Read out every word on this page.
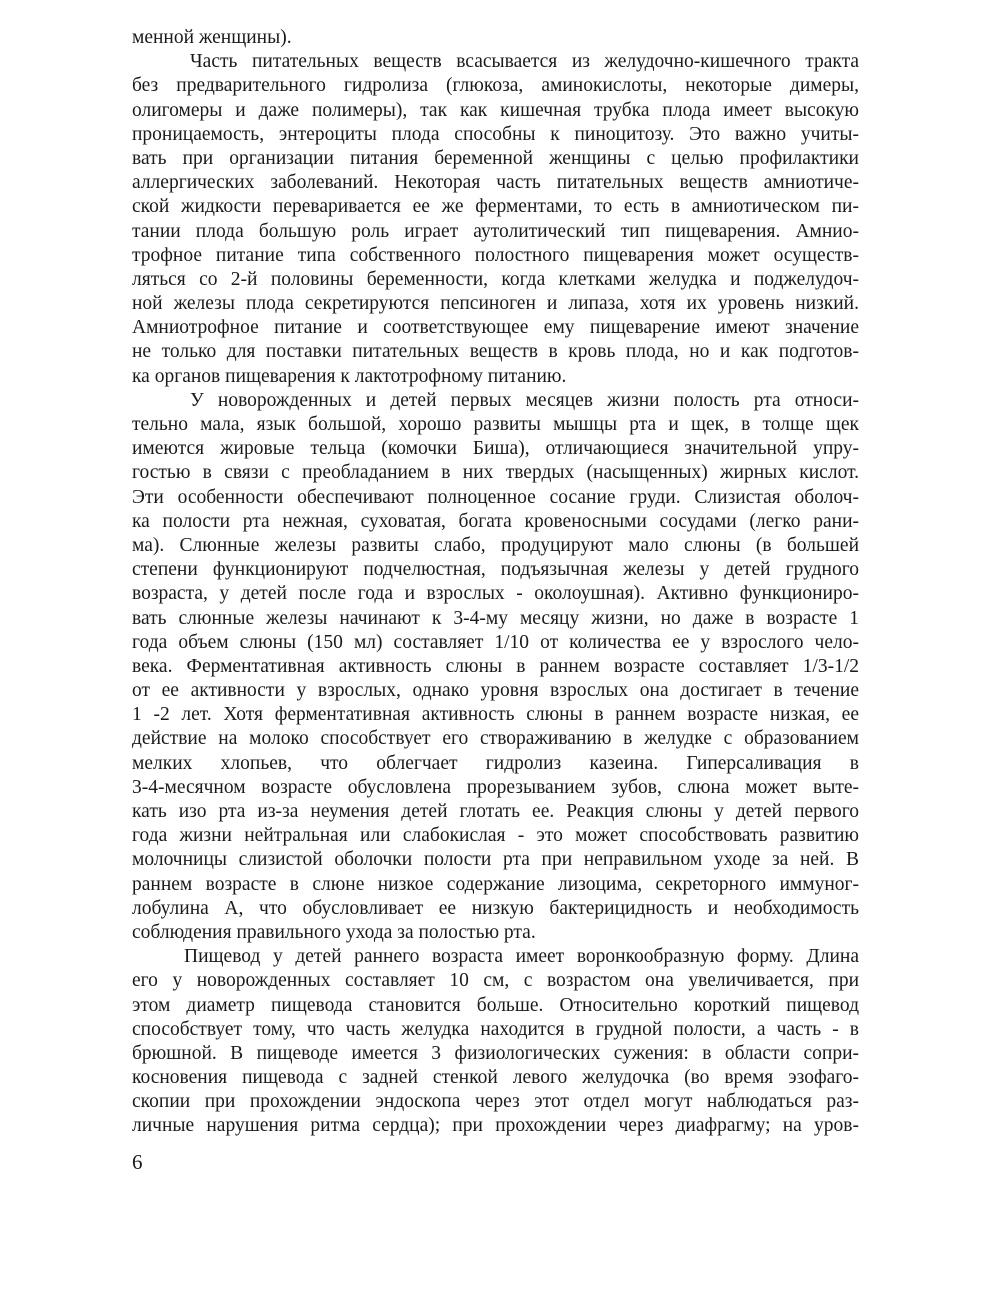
менной женщины).
Часть питательных веществ всасывается из желудочно-кишечного тракта
без предварительного гидролиза (глюкоза, аминокислоты, некоторые димеры,
олигомеры и даже полимеры), так как кишечная трубка плода имеет высокую
проницаемость, энтероциты плода способны к пиноцитозу. Это важно учиты-
вать при организации питания беременной женщины с целью профилактики
аллергических заболеваний. Некоторая часть питательных веществ амниотиче-
ской жидкости переваривается ее же ферментами, то есть в амниотическом пи-
тании плода большую роль играет аутолитический тип пищеварения. Амнио-
трофное питание типа собственного полостного пищеварения может осуществ-
ляться со 2-й половины беременности, когда клетками желудка и поджелудоч-
ной железы плода секретируются пепсиноген и липаза, хотя их уровень низкий.
Амниотрофное питание и соответствующее ему пищеварение имеют значение
не только для поставки питательных веществ в кровь плода, но и как подготов-
ка органов пищеварения к лактотрофному питанию.
У новорожденных и детей первых месяцев жизни полость рта относи-
тельно мала, язык большой, хорошо развиты мышцы рта и щек, в толще щек
имеются жировые тельца (комочки Биша), отличающиеся значительной упру-
гостью в связи с преобладанием в них твердых (насыщенных) жирных кислот.
Эти особенности обеспечивают полноценное сосание груди. Слизистая оболоч-
ка полости рта нежная, суховатая, богата кровеносными сосудами (легко рани-
ма). Слюнные железы развиты слабо, продуцируют мало слюны (в большей
степени функционируют подчелюстная, подъязычная железы у детей грудного
возраста, у детей после года и взрослых - околоушная). Активно функциониро-
вать слюнные железы начинают к 3-4-му месяцу жизни, но даже в возрасте 1
года объем слюны (150 мл) составляет 1/10 от количества ее у взрослого чело-
века. Ферментативная активность слюны в раннем возрасте составляет 1/3-1/2
от ее активности у взрослых, однако уровня взрослых она достигает в течение
1 -2 лет. Хотя ферментативная активность слюны в раннем возрасте низкая, ее
действие на молоко способствует его створаживанию в желудке с образованием
мелких хлопьев, что облегчает гидролиз казеина. Гиперсаливация в
3-4-месячном возрасте обусловлена прорезыванием зубов, слюна может выте-
кать изо рта из-за неумения детей глотать ее. Реакция слюны у детей первого
года жизни нейтральная или слабокислая - это может способствовать развитию
молочницы слизистой оболочки полости рта при неправильном уходе за ней. В
раннем возрасте в слюне низкое содержание лизоцима, секреторного иммуног-
лобулина А, что обусловливает ее низкую бактерицидность и необходимость
соблюдения правильного ухода за полостью рта.
Пищевод у детей раннего возраста имеет воронкообразную форму. Длина
его у новорожденных составляет 10 см, с возрастом она увеличивается, при
этом диаметр пищевода становится больше. Относительно короткий пищевод
способствует тому, что часть желудка находится в грудной полости, а часть - в
брюшной. В пищеводе имеется 3 физиологических сужения: в области сопри-
косновения пищевода с задней стенкой левого желудочка (во время эзофаго-
скопии при прохождении эндоскопа через этот отдел могут наблюдаться раз-
личные нарушения ритма сердца); при прохождении через диафрагму; на уров-
6
